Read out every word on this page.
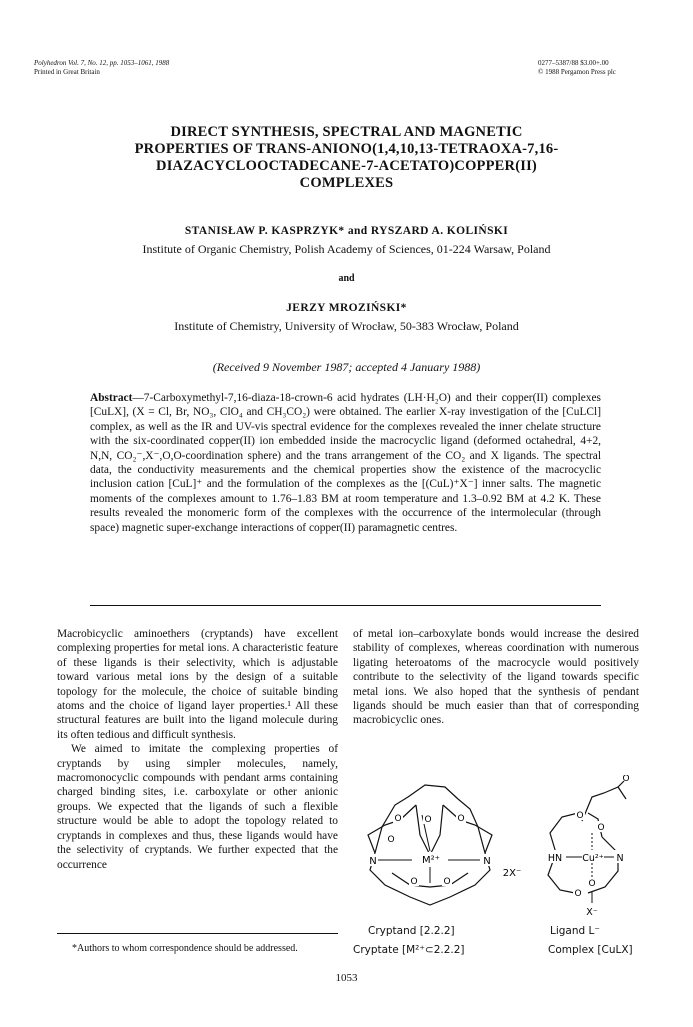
Polyhedron Vol. 7, No. 12, pp. 1053–1061, 1988
Printed in Great Britain
0277–5387/88 $3.00+.00
© 1988 Pergamon Press plc
DIRECT SYNTHESIS, SPECTRAL AND MAGNETIC
PROPERTIES OF TRANS-ANIONO(1,4,10,13-TETRAOXA-7,16-
DIAZACYCLOOCTADECANE-7-ACETATO)COPPER(II)
COMPLEXES
STANISŁAW P. KASPRZYK* and RYSZARD A. KOLIŃSKI
Institute of Organic Chemistry, Polish Academy of Sciences, 01-224 Warsaw, Poland
and
JERZY MROZIŃSKI*
Institute of Chemistry, University of Wrocław, 50-383 Wrocław, Poland
(Received 9 November 1987; accepted 4 January 1988)
Abstract—7-Carboxymethyl-7,16-diaza-18-crown-6 acid hydrates (LH·H₂O) and their copper(II) complexes [CuLX], (X = Cl, Br, NO₃, ClO₄ and CH₃CO₂) were obtained. The earlier X-ray investigation of the [CuLCl] complex, as well as the IR and UV-vis spectral evidence for the complexes revealed the inner chelate structure with the six-coordinated copper(II) ion embedded inside the macrocyclic ligand (deformed octahedral, 4+2, N,N, CO₂⁻,X⁻,O,O-coordination sphere) and the trans arrangement of the CO₂ and X ligands. The spectral data, the conductivity measurements and the chemical properties show the existence of the macrocyclic inclusion cation [CuL]⁺ and the formulation of the complexes as the [(CuL)⁺X⁻] inner salts. The magnetic moments of the complexes amount to 1.76–1.83 BM at room temperature and 1.3–0.92 BM at 4.2 K. These results revealed the monomeric form of the complexes with the occurrence of the intermolecular (through space) magnetic super-exchange interactions of copper(II) paramagnetic centres.

Macrobicyclic aminoethers (cryptands) have excellent complexing properties for metal ions. A characteristic feature of these ligands is their selectivity, which is adjustable toward various metal ions by the design of a suitable topology for the molecule, the choice of suitable binding atoms and the choice of ligand layer properties.¹ All these structural features are built into the ligand molecule during its often tedious and difficult synthesis.

We aimed to imitate the complexing properties of cryptands by using simpler molecules, namely, macromonocyclic compounds with pendant arms containing charged binding sites, i.e. carboxylate or other anionic groups. We expected that the ligands of such a flexible structure would be able to adopt the topology related to cryptands in complexes and thus, these ligands would have the selectivity of cryptands. We further expected that the occurrence

of metal ion–carboxylate bonds would increase the desired stability of complexes, whereas coordination with numerous ligating heteroatoms of the macrocycle would positively contribute to the selectivity of the ligand towards specific metal ions. We also hoped that the synthesis of pendant ligands should be much easier than that of corresponding macrobicyclic ones.

M²⁺
N	N
O	O	O
O
O	O
2X⁻
Cu²⁺
HN	N
O
O
O
O
O
X⁻
Cryptand [2.2.2]
Cryptate [M²⁺⊂2.2.2]
Ligand L⁻
Complex [CuLX]
*Authors to whom correspondence should be addressed.
1053
